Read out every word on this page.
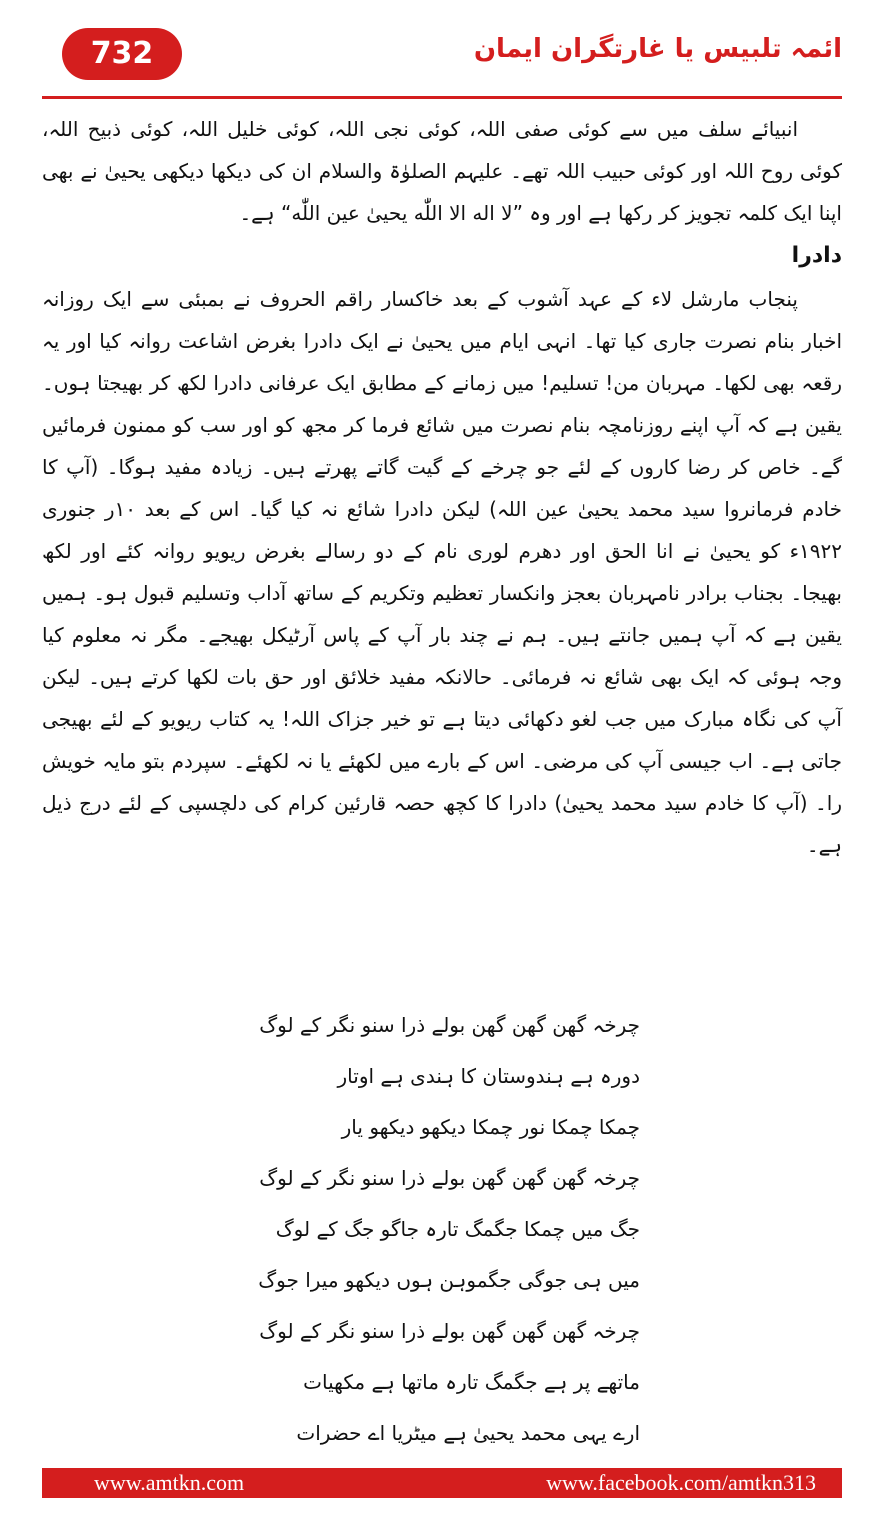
732	ائمہ تلبیس یا غارتگران ایمان

انبیائے سلف میں سے کوئی صفی اللہ، کوئی نجی اللہ، کوئی خلیل اللہ، کوئی ذبیح اللہ، کوئی روح اللہ اور کوئی حبیب اللہ تھے۔ علیہم الصلوٰۃ والسلام ان کی دیکھا دیکھی یحییٰ نے بھی اپنا ایک کلمہ تجویز کر رکھا ہے اور وہ ”لا اله الا اللّٰه يحيىٰ عين اللّٰه“ ہے۔

دادرا

پنجاب مارشل لاء کے عہد آشوب کے بعد خاکسار راقم الحروف نے بمبئی سے ایک روزانہ اخبار بنام نصرت جاری کیا تھا۔ انہی ایام میں یحییٰ نے ایک دادرا بغرض اشاعت روانہ کیا اور یہ رقعہ بھی لکھا۔ مہربان من! تسلیم! میں زمانے کے مطابق ایک عرفانی دادرا لکھ کر بھیجتا ہوں۔ یقین ہے کہ آپ اپنے روزنامچہ بنام نصرت میں شائع فرما کر مجھ کو اور سب کو ممنون فرمائیں گے۔ خاص کر رضا کاروں کے لئے جو چرخے کے گیت گاتے پھرتے ہیں۔ زیادہ مفید ہوگا۔ (آپ کا خادم فرمانروا سید محمد یحییٰ عین اللہ) لیکن دادرا شائع نہ کیا گیا۔ اس کے بعد ۱۰ر جنوری ۱۹۲۲ء کو یحییٰ نے انا الحق اور دھرم لوری نام کے دو رسالے بغرض ریویو روانہ کئے اور لکھ بھیجا۔ بجناب برادر نامہربان بعجز وانکسار تعظیم وتکریم کے ساتھ آداب وتسلیم قبول ہو۔ ہمیں یقین ہے کہ آپ ہمیں جانتے ہیں۔ ہم نے چند بار آپ کے پاس آرٹیکل بھیجے۔ مگر نہ معلوم کیا وجہ ہوئی کہ ایک بھی شائع نہ فرمائی۔ حالانکہ مفید خلائق اور حق بات لکھا کرتے ہیں۔ لیکن آپ کی نگاہ مبارک میں جب لغو دکھائی دیتا ہے تو خیر جزاک اللہ! یہ کتاب ریویو کے لئے بھیجی جاتی ہے۔ اب جیسی آپ کی مرضی۔ اس کے بارے میں لکھئے یا نہ لکھئے۔ سپردم بتو مایہ خویش را۔ (آپ کا خادم سید محمد یحییٰ) دادرا کا کچھ حصہ قارئین کرام کی دلچسپی کے لئے درج ذیل ہے۔

چرخہ گھن گھن گھن بولے ذرا سنو نگر کے لوگ
دورہ ہے ہندوستان کا ہندی ہے اوتار
چمکا چمکا نور چمکا دیکھو دیکھو یار
چرخہ گھن گھن گھن بولے ذرا سنو نگر کے لوگ
جگ میں چمکا جگمگ تارہ جاگو جگ کے لوگ
میں ہی جوگی جگموہن ہوں دیکھو میرا جوگ
چرخہ گھن گھن گھن بولے ذرا سنو نگر کے لوگ
ماتھے پر ہے جگمگ تارہ ماتھا ہے مکھیات
ارے یہی محمد یحییٰ ہے میٹریا اے حضرات
www.amtkn.com	www.facebook.com/amtkn313
